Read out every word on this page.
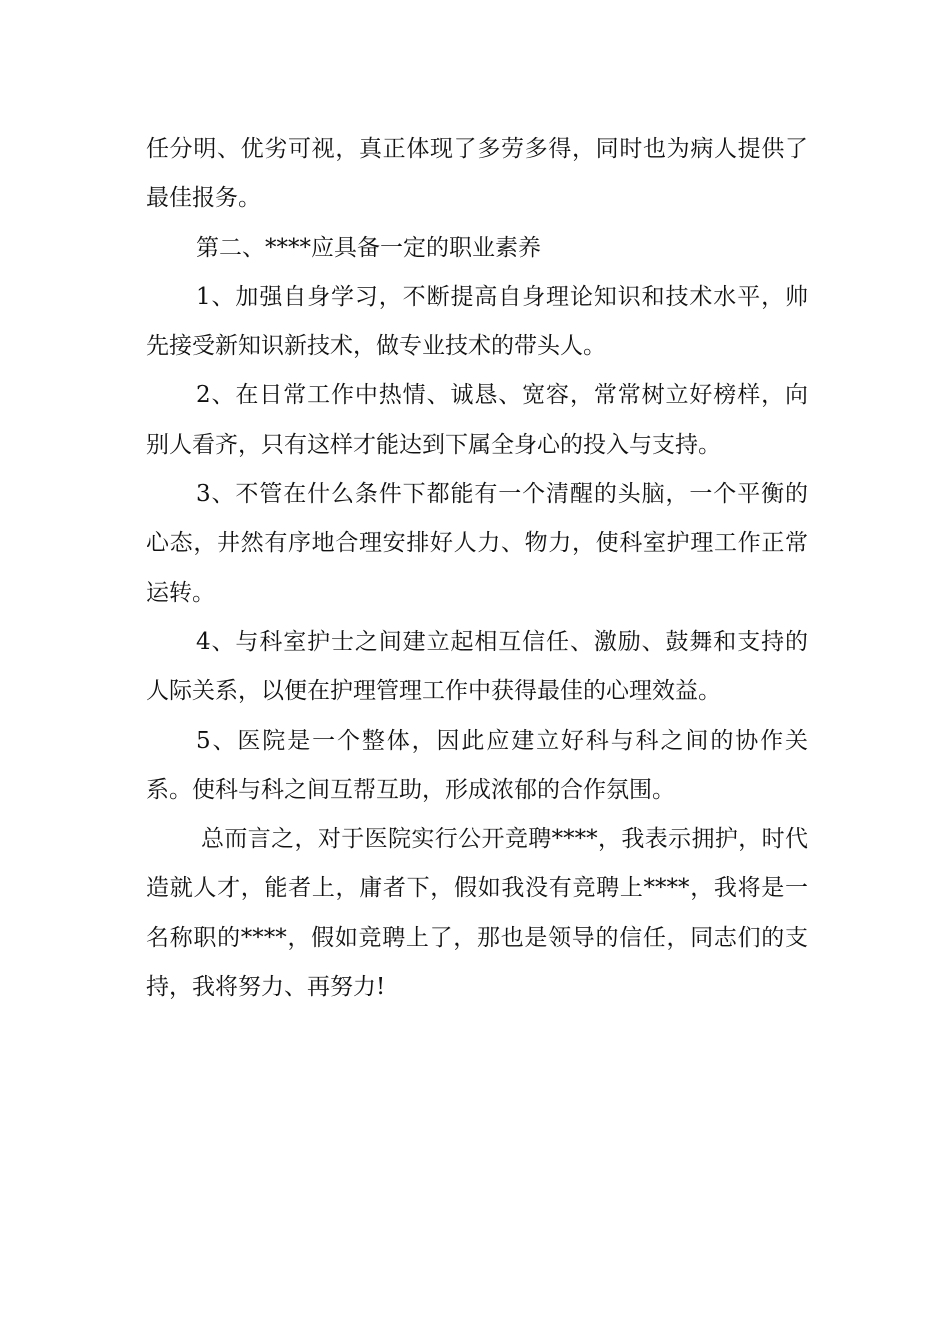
任分明、优劣可视，真正体现了多劳多得，同时也为病人提供了最佳报务。

第二、****应具备一定的职业素养

1、加强自身学习，不断提高自身理论知识和技术水平，帅先接受新知识新技术，做专业技术的带头人。

2、在日常工作中热情、诚恳、宽容，常常树立好榜样，向别人看齐，只有这样才能达到下属全身心的投入与支持。

3、不管在什么条件下都能有一个清醒的头脑，一个平衡的心态，井然有序地合理安排好人力、物力，使科室护理工作正常运转。

4、与科室护士之间建立起相互信任、激励、鼓舞和支持的人际关系，以便在护理管理工作中获得最佳的心理效益。

5、医院是一个整体，因此应建立好科与科之间的协作关系。使科与科之间互帮互助，形成浓郁的合作氛围。

总而言之，对于医院实行公开竞聘****，我表示拥护，时代造就人才，能者上，庸者下，假如我没有竞聘上****，我将是一名称职的****，假如竞聘上了，那也是领导的信任，同志们的支持，我将努力、再努力!
